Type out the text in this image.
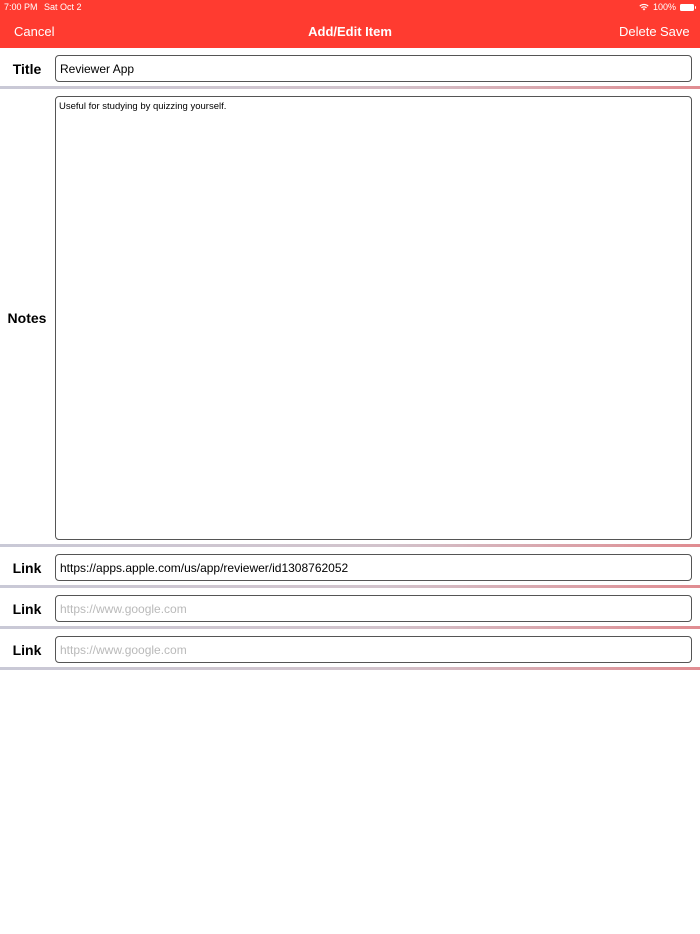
7:00 PM Sat Oct 2	100%
Cancel	Add/Edit Item	Delete Save
Title
Reviewer App
Notes
Useful for studying by quizzing yourself.
Link
https://apps.apple.com/us/app/reviewer/id1308762052
Link
https://www.google.com
Link
https://www.google.com
